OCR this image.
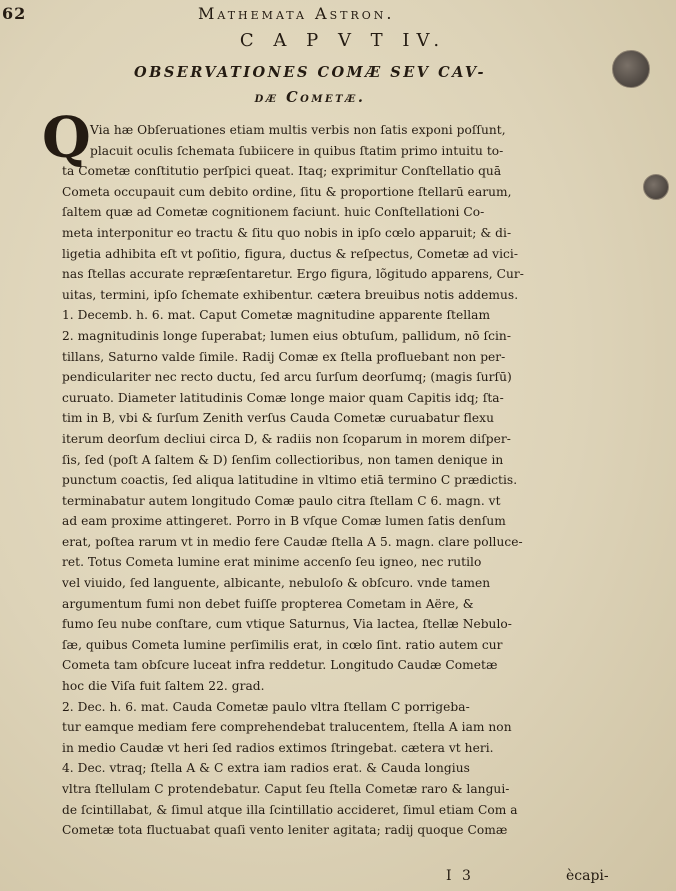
62	Mathemata Astron.
C A P V T IV.
OBSERVATIONES COMÆ SEV CAV-
dæ Cometæ.
Q Via hæ Obſeruationes etiam multis verbis non ſatis exponi poſſunt,
placuit oculis ſchemata ſubiicere in quibus ſtatim primo intuitu to-
ta Cometæ conſtitutio perſpici queat. Itaq; exprimitur Conſtellatio quā
Cometa occupauit cum debito ordine, ſitu & proportione ſtellarū earum,
ſaltem quæ ad Cometæ cognitionem faciunt. huic Conſtellationi Co-
meta interponitur eo tractu & ſitu quo nobis in ipſo cœlo apparuit; & di-
ligetia adhibita eſt vt poſitio, figura, ductus & reſpectus, Cometæ ad vici-
nas ſtellas accurate repræſentaretur. Ergo figura, lõgitudo apparens, Cur-
uitas, termini, ipſo ſchemate exhibentur. cætera breuibus notis addemus.
1. Decemb. h. 6. mat. Caput Cometæ magnitudine apparente ſtellam
2. magnitudinis longe ſuperabat; lumen eius obtuſum, pallidum, nō ſcin-
tillans, Saturno valde ſimile. Radij Comæ ex ſtella profluebant non per-
pendiculariter nec recto ductu, ſed arcu ſurſum deorſumq; (magis ſurſū)
curuato. Diameter latitudinis Comæ longe maior quam Capitis idq; ſta-
tim in B, vbi & ſurſum Zenith verſus Cauda Cometæ curuabatur flexu
iterum deorſum decliui circa D, & radiis non ſcoparum in morem diſper-
ſis, ſed (poſt A ſaltem & D) ſenſim collectioribus, non tamen denique in
punctum coactis, ſed aliqua latitudine in vltimo etiā termino C prædictis.
terminabatur autem longitudo Comæ paulo citra ſtellam C 6. magn. vt
ad eam proxime attingeret. Porro in B vſque Comæ lumen ſatis denſum
erat, poſtea rarum vt in medio fere Caudæ ſtella A 5. magn. clare polluce-
ret. Totus Cometa lumine erat minime accenſo ſeu igneo, nec rutilo
vel viuido, ſed languente, albicante, nebuloſo & obſcuro. vnde tamen
argumentum fumi non debet fuiſſe propterea Cometam in Aëre, &
fumo ſeu nube conſtare, cum vtique Saturnus, Via lactea, ſtellæ Nebulo-
ſæ, quibus Cometa lumine perſimilis erat, in cœlo ſint. ratio autem cur
Cometa tam obſcure luceat infra reddetur. Longitudo Caudæ Cometæ
hoc die Viſa fuit ſaltem 22. grad.
2. Dec. h. 6. mat. Cauda Cometæ paulo vltra ſtellam C porrigeba-
tur eamque mediam fere comprehendebat tralucentem, ſtella A iam non
in medio Caudæ vt heri ſed radios extimos ſtringebat. cætera vt heri.
4. Dec. vtraq; ſtella A & C extra iam radios erat. & Cauda longius
vltra ſtellulam C protendebatur. Caput ſeu ſtella Cometæ raro & langui-
de ſcintillabat, & ſimul atque illa ſcintillatio accideret, ſimul etiam Com a
Cometæ tota fluctuabat quaſi vento leniter agitata; radij quoque Comæ
I 3	ècapi-
